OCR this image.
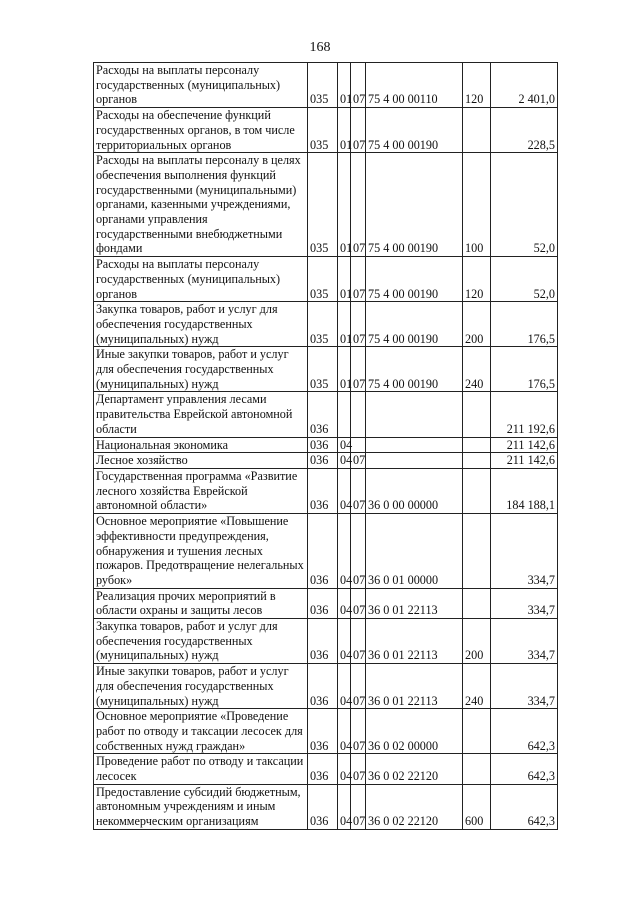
168
Расходы на выплаты персоналу государственных (муниципальных) органов	035	01	07	75 4 00 00110	120	2 401,0
Расходы на обеспечение функций государственных органов, в том числе территориальных органов	035	01	07	75 4 00 00190		228,5
Расходы на выплаты персоналу в целях обеспечения выполнения функций государственными (муниципальными) органами, казенными учреждениями, органами управления государственными внебюджетными фондами	035	01	07	75 4 00 00190	100	52,0
Расходы на выплаты персоналу государственных (муниципальных) органов	035	01	07	75 4 00 00190	120	52,0
Закупка товаров, работ и услуг для обеспечения государственных (муниципальных) нужд	035	01	07	75 4 00 00190	200	176,5
Иные закупки товаров, работ и услуг для обеспечения государственных (муниципальных) нужд	035	01	07	75 4 00 00190	240	176,5
Департамент управления лесами правительства Еврейской автономной области	036					211 192,6
Национальная экономика	036	04				211 142,6
Лесное хозяйство	036	04	07			211 142,6
Государственная программа «Развитие лесного хозяйства Еврейской автономной области»	036	04	07	36 0 00 00000		184 188,1
Основное мероприятие «Повышение эффективности предупреждения, обнаружения и тушения лесных пожаров. Предотвращение нелегальных рубок»	036	04	07	36 0 01 00000		334,7
Реализация прочих мероприятий в области охраны и защиты лесов	036	04	07	36 0 01 22113		334,7
Закупка товаров, работ и услуг для обеспечения государственных (муниципальных) нужд	036	04	07	36 0 01 22113	200	334,7
Иные закупки товаров, работ и услуг для обеспечения государственных (муниципальных) нужд	036	04	07	36 0 01 22113	240	334,7
Основное мероприятие «Проведение работ по отводу и таксации лесосек для собственных нужд граждан»	036	04	07	36 0 02 00000		642,3
Проведение работ по отводу и таксации лесосек	036	04	07	36 0 02 22120		642,3
Предоставление субсидий бюджетным, автономным учреждениям и иным некоммерческим организациям	036	04	07	36 0 02 22120	600	642,3
